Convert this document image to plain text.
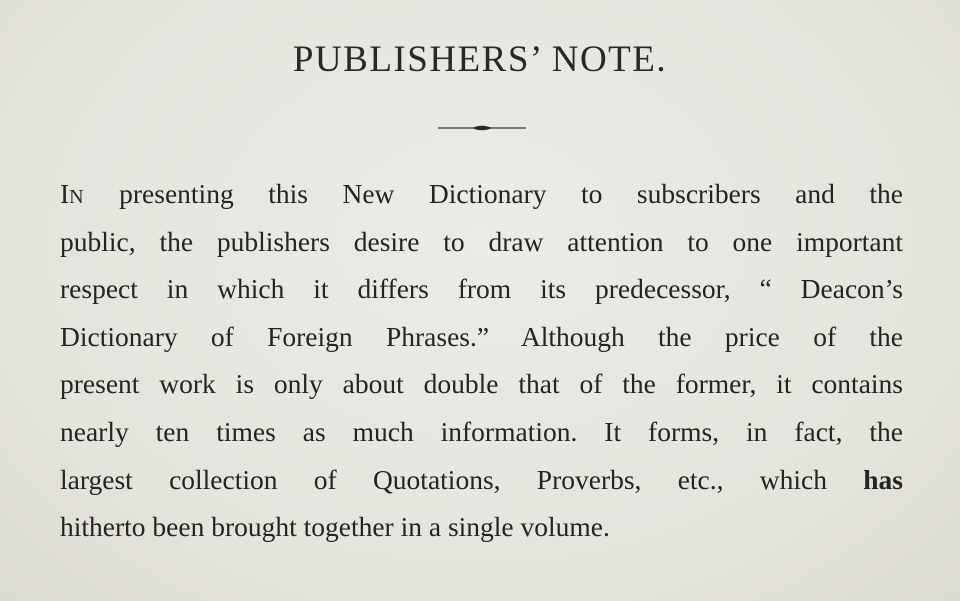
PUBLISHERS’ NOTE.
IN presenting this New Dictionary to subscribers and the
public, the publishers desire to draw attention to one important
respect in which it differs from its predecessor, “ Deacon’s
Dictionary of Foreign Phrases.” Although the price of the
present work is only about double that of the former, it contains
nearly ten times as much information. It forms, in fact, the
largest collection of Quotations, Proverbs, etc., which has
hitherto been brought together in a single volume.
